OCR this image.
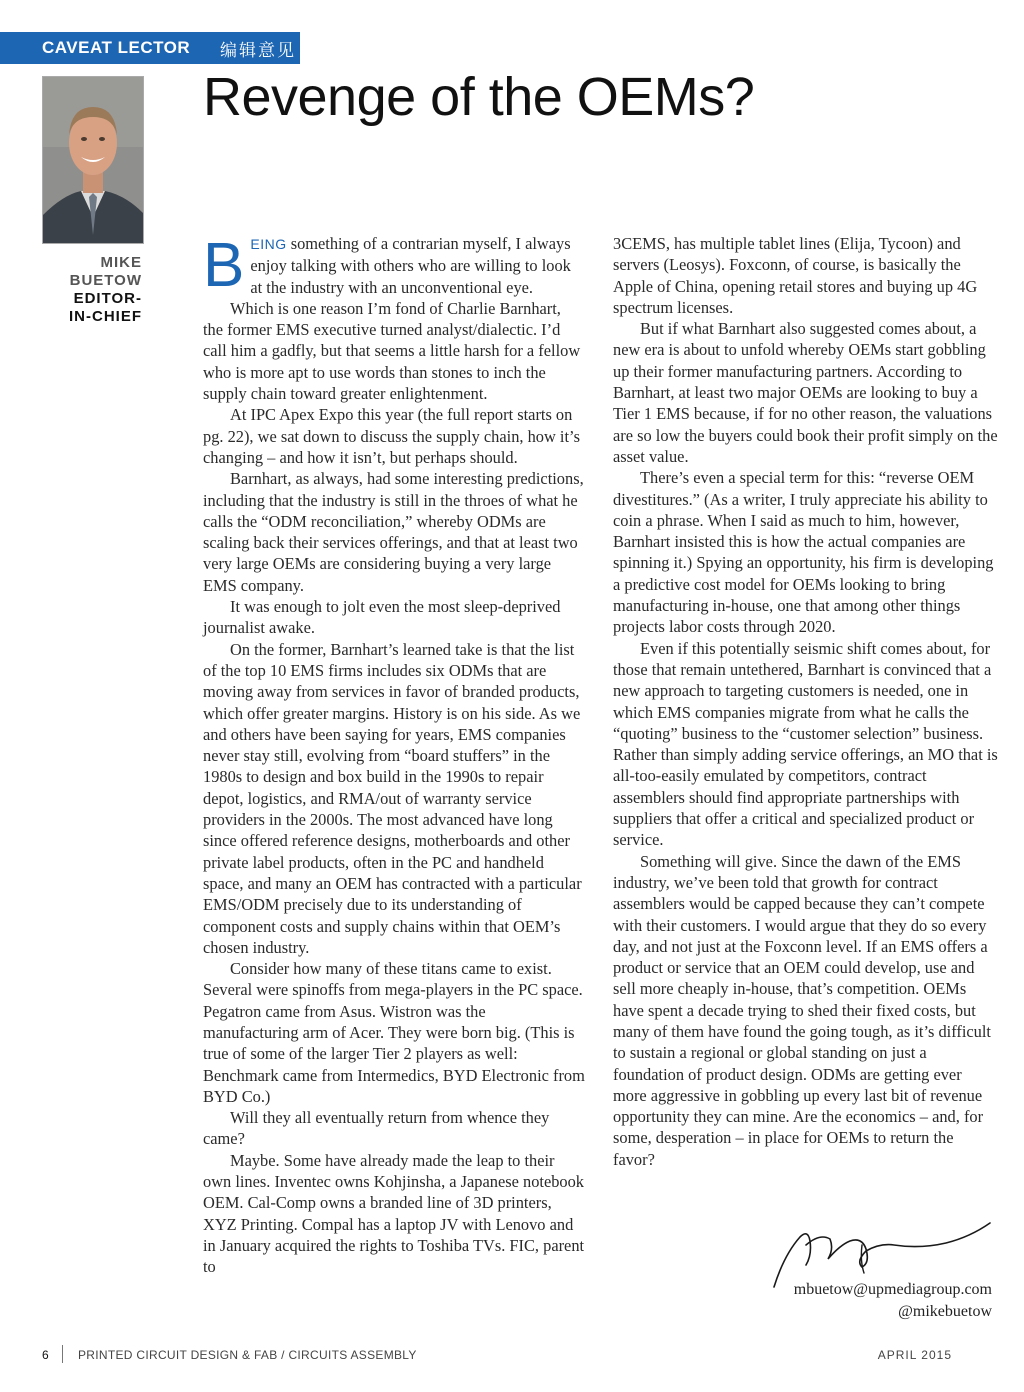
CAVEAT LECTOR	编辑意见
Revenge of the OEMs?
MIKE
BUETOW
EDITOR-
IN-CHIEF

BEING something of a contrarian myself, I always enjoy talking with others who are willing to look at the industry with an unconventional eye.

Which is one reason I’m fond of Charlie Barnhart, the former EMS executive turned analyst/dialectic. I’d call him a gadfly, but that seems a little harsh for a fellow who is more apt to use words than stones to inch the supply chain toward greater enlightenment.

At IPC Apex Expo this year (the full report starts on pg. 22), we sat down to discuss the supply chain, how it’s changing – and how it isn’t, but perhaps should.

Barnhart, as always, had some interesting predictions, including that the industry is still in the throes of what he calls the “ODM reconciliation,” whereby ODMs are scaling back their services offerings, and that at least two very large OEMs are considering buying a very large EMS company.

It was enough to jolt even the most sleep-deprived journalist awake.

On the former, Barnhart’s learned take is that the list of the top 10 EMS firms includes six ODMs that are moving away from services in favor of branded products, which offer greater margins. History is on his side. As we and others have been saying for years, EMS companies never stay still, evolving from “board stuffers” in the 1980s to design and box build in the 1990s to repair depot, logistics, and RMA/out of warranty service providers in the 2000s. The most advanced have long since offered reference designs, motherboards and other private label products, often in the PC and handheld space, and many an OEM has contracted with a particular EMS/ODM precisely due to its understanding of component costs and supply chains within that OEM’s chosen industry.

Consider how many of these titans came to exist. Several were spinoffs from mega-players in the PC space. Pegatron came from Asus. Wistron was the manufacturing arm of Acer. They were born big. (This is true of some of the larger Tier 2 players as well: Benchmark came from Intermedics, BYD Electronic from BYD Co.)

Will they all eventually return from whence they came?

Maybe. Some have already made the leap to their own lines. Inventec owns Kohjinsha, a Japanese notebook OEM. Cal-Comp owns a branded line of 3D printers, XYZ Printing. Compal has a laptop JV with Lenovo and in January acquired the rights to Toshiba TVs. FIC, parent to

3CEMS, has multiple tablet lines (Elija, Tycoon) and servers (Leosys). Foxconn, of course, is basically the Apple of China, opening retail stores and buying up 4G spectrum licenses.

But if what Barnhart also suggested comes about, a new era is about to unfold whereby OEMs start gobbling up their former manufacturing partners. According to Barnhart, at least two major OEMs are looking to buy a Tier 1 EMS because, if for no other reason, the valuations are so low the buyers could book their profit simply on the asset value.

There’s even a special term for this: “reverse OEM divestitures.” (As a writer, I truly appreciate his ability to coin a phrase. When I said as much to him, however, Barnhart insisted this is how the actual companies are spinning it.) Spying an opportunity, his firm is developing a predictive cost model for OEMs looking to bring manufacturing in-house, one that among other things projects labor costs through 2020.

Even if this potentially seismic shift comes about, for those that remain untethered, Barnhart is convinced that a new approach to targeting customers is needed, one in which EMS companies migrate from what he calls the “quoting” business to the “customer selection” business. Rather than simply adding service offerings, an MO that is all-too-easily emulated by competitors, contract assemblers should find appropriate partnerships with suppliers that offer a critical and specialized product or service.

Something will give. Since the dawn of the EMS industry, we’ve been told that growth for contract assemblers would be capped because they can’t compete with their customers. I would argue that they do so every day, and not just at the Foxconn level. If an EMS offers a product or service that an OEM could develop, use and sell more cheaply in-house, that’s competition. OEMs have spent a decade trying to shed their fixed costs, but many of them have found the going tough, as it’s difficult to sustain a regional or global standing on just a foundation of product design. ODMs are getting ever more aggressive in gobbling up every last bit of revenue opportunity they can mine. Are the economics – and, for some, desperation – in place for OEMs to return the favor?

mbuetow@upmediagroup.com
@mikebuetow
6 PRINTED CIRCUIT DESIGN & FAB / CIRCUITS ASSEMBLY	APRIL 2015
